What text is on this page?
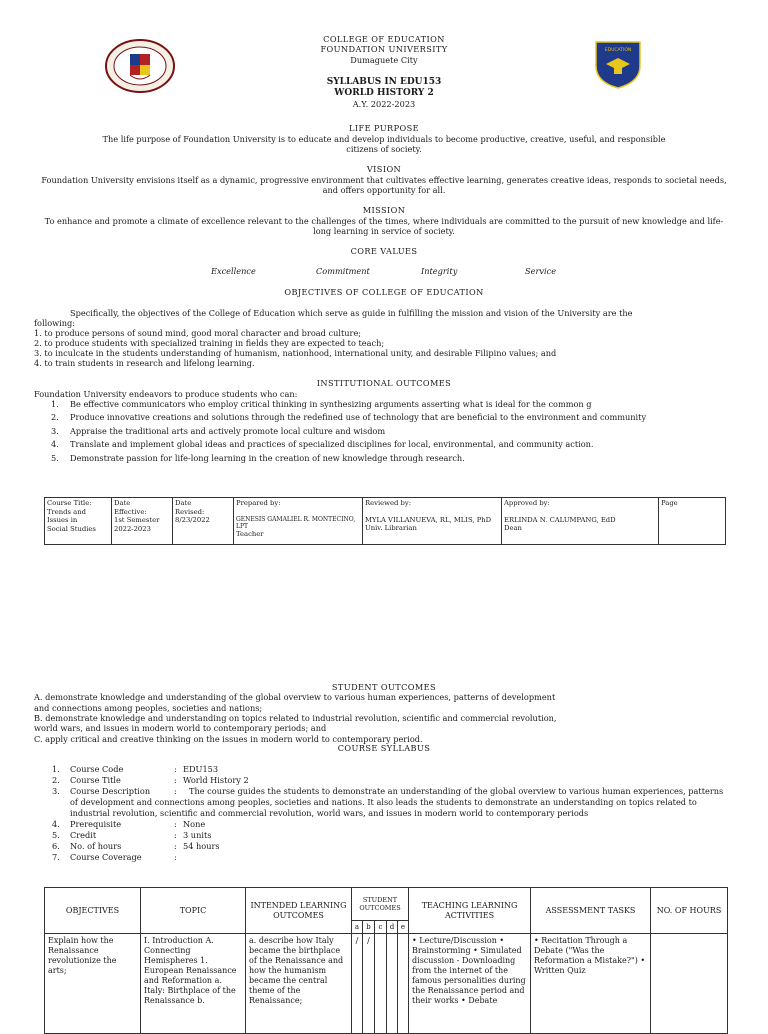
EDUCATION
COLLEGE OF EDUCATION
FOUNDATION UNIVERSITY
Dumaguete City
SYLLABUS IN EDU153
WORLD HISTORY 2
A.Y. 2022-2023
LIFE PURPOSE
The life purpose of Foundation University is to educate and develop individuals to become productive, creative, useful, and responsible
citizens of society.
VISION
Foundation University envisions itself as a dynamic, progressive environment that cultivates effective learning, generates creative ideas, responds to societal needs,
and offers opportunity for all.
MISSION
To enhance and promote a climate of excellence relevant to the challenges of the times, where individuals are committed to the pursuit of new knowledge and life-
long learning in service of society.
CORE VALUES
Excellence	Commitment	Integrity	Service
OBJECTIVES OF COLLEGE OF EDUCATION
Specifically, the objectives of the College of Education which serve as guide in fulfilling the mission and vision of the University are the
following:
1. to produce persons of sound mind, good moral character and broad culture;
2. to produce students with specialized training in fields they are expected to teach;
3. to inculcate in the students understanding of humanism, nationhood, international unity, and desirable Filipino values; and
4. to train students in research and lifelong learning.
INSTITUTIONAL OUTCOMES
Foundation University endeavors to produce students who can:
1. Be effective communicators who employ critical thinking in synthesizing arguments asserting what is ideal for the common g
2. Produce innovative creations and solutions through the redefined use of technology that are beneficial to the environment and community
3. Appraise the traditional arts and actively promote local culture and wisdom
4. Translate and implement global ideas and practices of specialized disciplines for local, environmental, and community action.
5. Demonstrate passion for life-long learning in the creation of new knowledge through research.
Course Title:
Trends and
Issues in
Social Studies

Date
Effective:
1st Semester
2022-2023

Date
Revised:
8/23/2022

Prepared by:
GENESIS GAMALIEL R. MONTECINO, LPT
Teacher

Reviewed by:
MYLA VILLANUEVA, RL, MLIS, PhD
Univ. Librarian

Approved by:
ERLINDA N. CALUMPANG, EdD
Dean

Page
STUDENT OUTCOMES
A. demonstrate knowledge and understanding of the global overview to various human experiences, patterns of development
and connections among peoples, societies and nations;
B. demonstrate knowledge and understanding on topics related to industrial revolution, scientific and commercial revolution,
world wars, and issues in modern world to contemporary periods; and
C. apply critical and creative thinking on the issues in modern world to contemporary period.
COURSE SYLLABUS
1. Course Code	: EDU153
2. Course Title	: World History 2
3. Course Description	: The course guides the students to demonstrate an understanding of the global overview to various human experiences, patterns
of development and connections among peoples, societies and nations. It also leads the students to demonstrate an understanding on topics related to
industrial revolution, scientific and commercial revolution, world wars, and issues in modern world to contemporary periods
4. Prerequisite	: None
5. Credit	: 3 units
6. No. of hours	: 54 hours
7. Course Coverage	:
OBJECTIVES	TOPIC	INTENDED LEARNING OUTCOMES	STUDENT OUTCOMES					TEACHING LEARNING ACTIVITIES	ASSESSMENT TASKS	NO. OF HOURS
			a	b	c	d	e			
Explain how the Renaissance revolutionize the arts;	I. Introduction A. Connecting Hemispheres 1. European Renaissance and Reformation a. Italy: Birthplace of the Renaissance b.	a. describe how Italy became the birthplace of the Renaissance and how the humanism became the central theme of the Renaissance;	/	/				• Lecture/Discussion • Brainstorming • Simulated discussion - Downloading from the internet of the famous personalities during the Renaissance period and their works • Debate	• Recitation Through a Debate ("Was the Reformation a Mistake?") • Written Quiz	
